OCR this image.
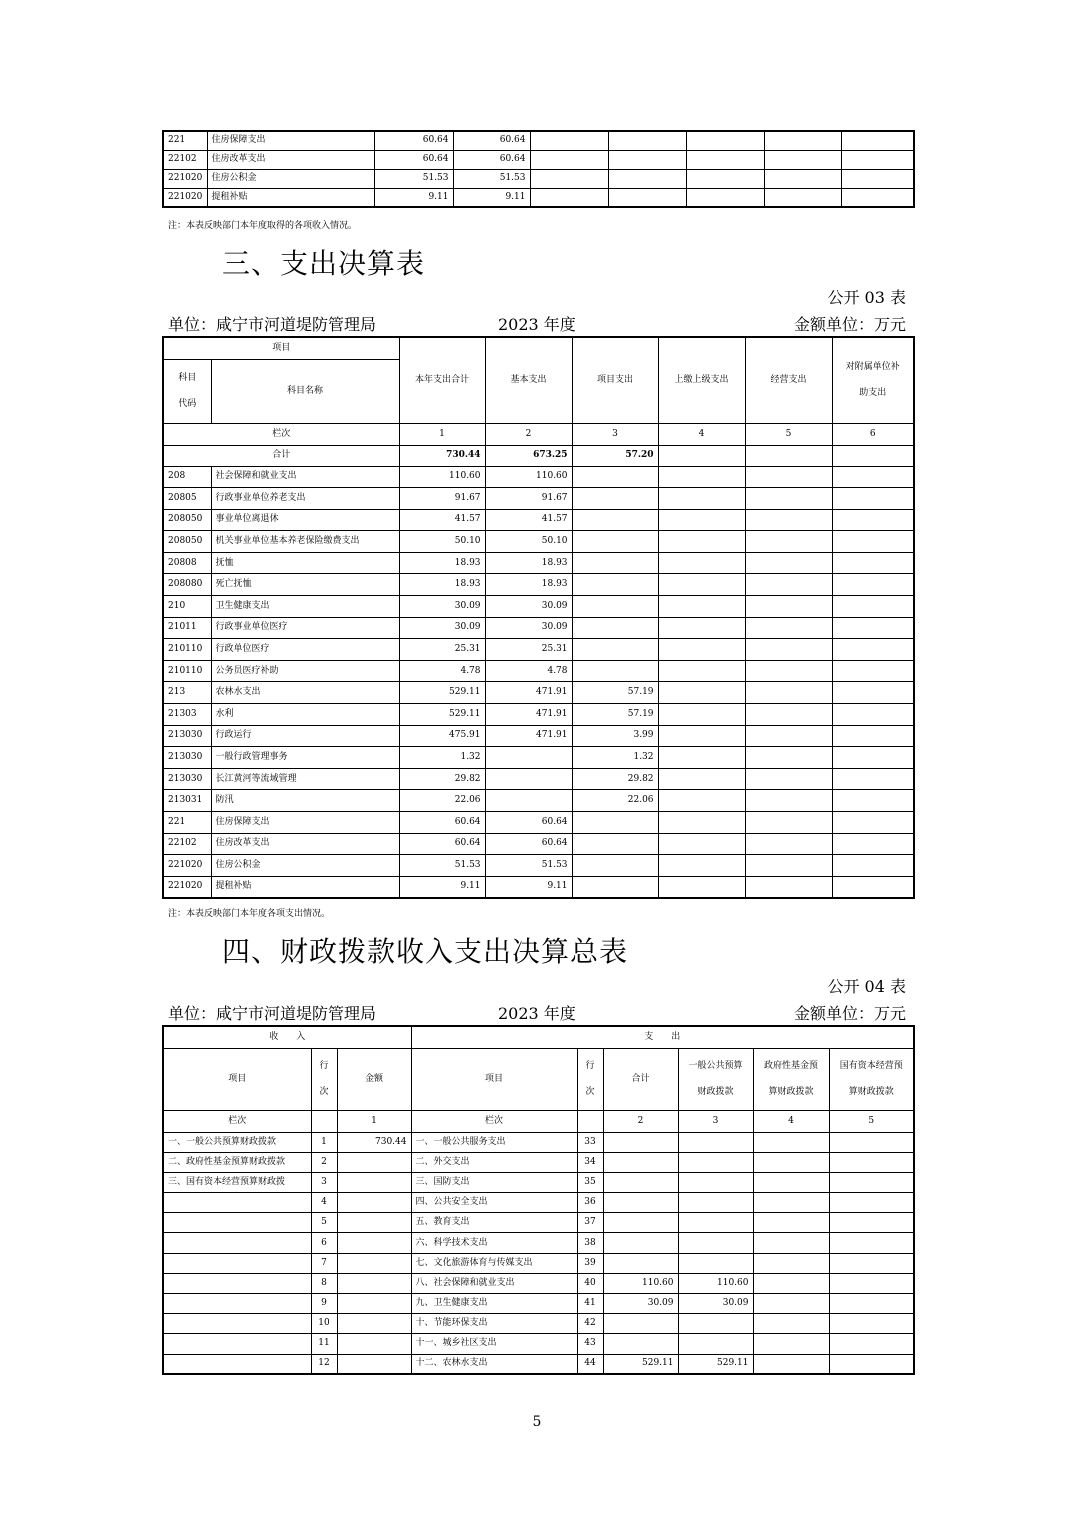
221	住房保障支出	60.64	60.64					
22102	住房改革支出	60.64	60.64					
221020	住房公积金	51.53	51.53					
221020	提租补贴	9.11	9.11					
注：本表反映部门本年度取得的各项收入情况。
三、支出决算表
公开 03 表
单位：咸宁市河道堤防管理局	2023 年度	金额单位：万元
项目		本年支出合计	基本支出	项目支出	上缴上级支出	经营支出	对附属单位补助支出
科目代码	科目名称						
栏次		1	2	3	4	5	6
合计		730.44	673.25	57.20			
208	社会保障和就业支出	110.60	110.60				
20805	行政事业单位养老支出	91.67	91.67				
208050	事业单位离退休	41.57	41.57				
208050	机关事业单位基本养老保险缴费支出	50.10	50.10				
20808	抚恤	18.93	18.93				
208080	死亡抚恤	18.93	18.93				
210	卫生健康支出	30.09	30.09				
21011	行政事业单位医疗	30.09	30.09				
210110	行政单位医疗	25.31	25.31				
210110	公务员医疗补助	4.78	4.78				
213	农林水支出	529.11	471.91	57.19			
21303	水利	529.11	471.91	57.19			
213030	行政运行	475.91	471.91	3.99			
213030	一般行政管理事务	1.32		1.32			
213030	长江黄河等流域管理	29.82		29.82			
213031	防汛	22.06		22.06			
221	住房保障支出	60.64	60.64				
22102	住房改革支出	60.64	60.64				
221020	住房公积金	51.53	51.53				
221020	提租补贴	9.11	9.11				
注：本表反映部门本年度各项支出情况。
四、财政拨款收入支出决算总表
公开 04 表
单位：咸宁市河道堤防管理局	2023 年度	金额单位：万元
收　　入			支　　出					
项目	行次	金额	项目	行次	合计	一般公共预算财政拨款	政府性基金预算财政拨款	国有资本经营预算财政拨款
栏次		1	栏次		2	3	4	5
一、一般公共预算财政拨款	1	730.44	一、一般公共服务支出	33				
二、政府性基金预算财政拨款	2		二、外交支出	34				
三、国有资本经营预算财政拨	3		三、国防支出	35				
	4		四、公共安全支出	36				
	5		五、教育支出	37				
	6		六、科学技术支出	38				
	7		七、文化旅游体育与传媒支出	39				
	8		八、社会保障和就业支出	40	110.60	110.60		
	9		九、卫生健康支出	41	30.09	30.09		
	10		十、节能环保支出	42				
	11		十一、城乡社区支出	43				
	12		十二、农林水支出	44	529.11	529.11		
5
